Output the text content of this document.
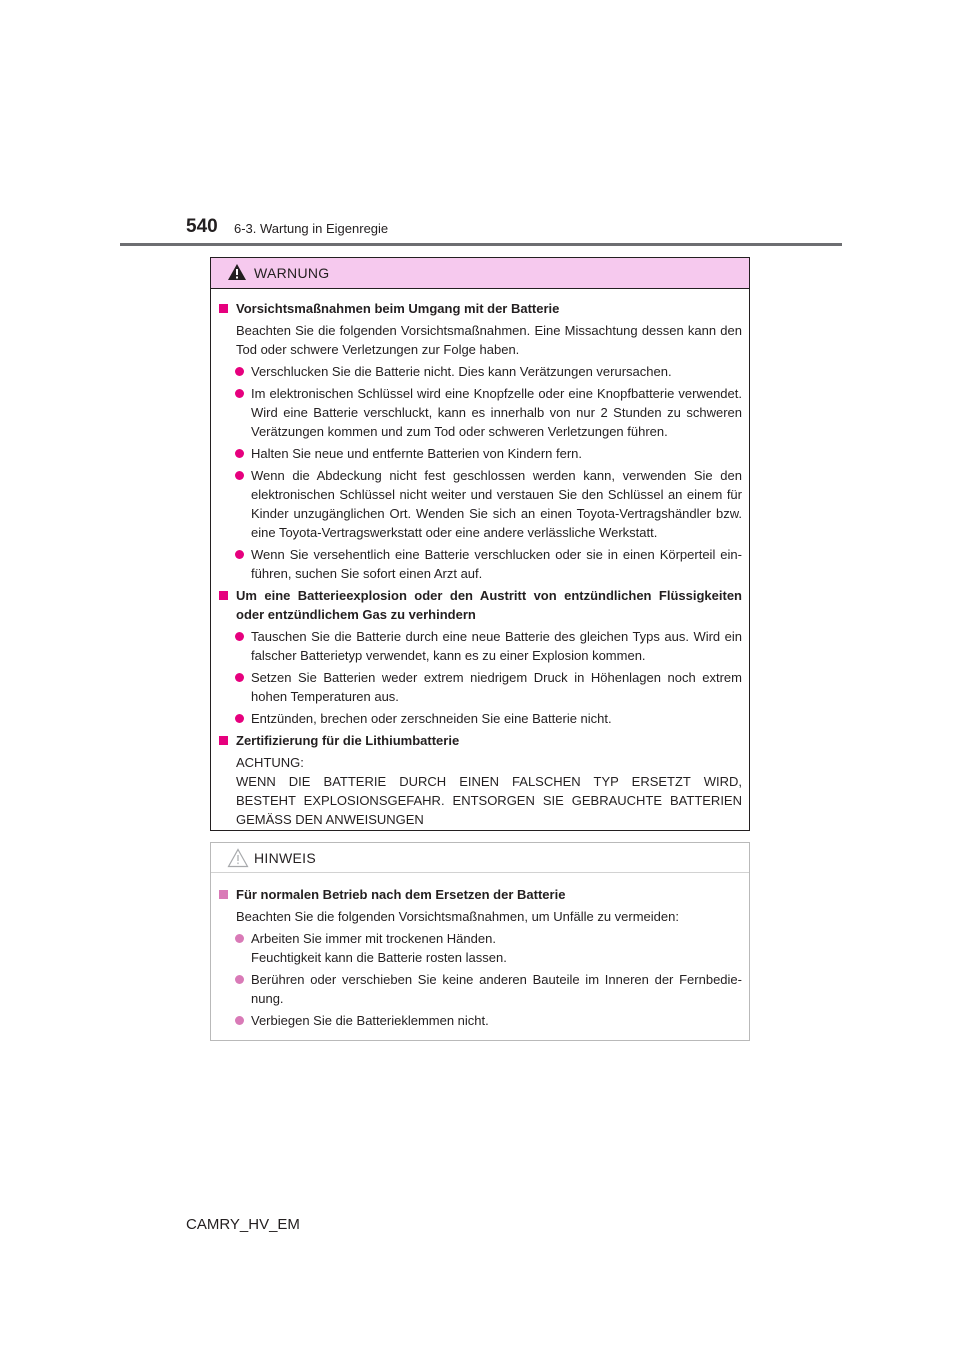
540 6-3. Wartung in Eigenregie
WARNUNG
Vorsichtsmaßnahmen beim Umgang mit der Batterie
Beachten Sie die folgenden Vorsichtsmaßnahmen. Eine Missachtung dessen kann den Tod oder schwere Verletzungen zur Folge haben.
Verschlucken Sie die Batterie nicht. Dies kann Verätzungen verursachen.
Im elektronischen Schlüssel wird eine Knopfzelle oder eine Knopfbatterie verwendet. Wird eine Batterie verschluckt, kann es innerhalb von nur 2 Stunden zu schweren Verätzungen kommen und zum Tod oder schweren Verletzungen führen.
Halten Sie neue und entfernte Batterien von Kindern fern.
Wenn die Abdeckung nicht fest geschlossen werden kann, verwenden Sie den elektronischen Schlüssel nicht weiter und verstauen Sie den Schlüssel an einem für Kinder unzugänglichen Ort. Wenden Sie sich an einen Toyota-Vertragshändler bzw. eine Toyota-Vertragswerkstatt oder eine andere verlässliche Werkstatt.
Wenn Sie versehentlich eine Batterie verschlucken oder sie in einen Körperteil einführen, suchen Sie sofort einen Arzt auf.
Um eine Batterieexplosion oder den Austritt von entzündlichen Flüssigkeiten oder entzündlichem Gas zu verhindern
Tauschen Sie die Batterie durch eine neue Batterie des gleichen Typs aus. Wird ein falscher Batterietyp verwendet, kann es zu einer Explosion kommen.
Setzen Sie Batterien weder extrem niedrigem Druck in Höhenlagen noch extrem hohen Temperaturen aus.
Entzünden, brechen oder zerschneiden Sie eine Batterie nicht.
Zertifizierung für die Lithiumbatterie
ACHTUNG:
WENN DIE BATTERIE DURCH EINEN FALSCHEN TYP ERSETZT WIRD,
BESTEHT EXPLOSIONSGEFAHR. ENTSORGEN SIE GEBRAUCHTE BATTERIEN
GEMÄSS DEN ANWEISUNGEN
HINWEIS
Für normalen Betrieb nach dem Ersetzen der Batterie
Beachten Sie die folgenden Vorsichtsmaßnahmen, um Unfälle zu vermeiden:
Arbeiten Sie immer mit trockenen Händen.
Feuchtigkeit kann die Batterie rosten lassen.
Berühren oder verschieben Sie keine anderen Bauteile im Inneren der Fernbedienung.
Verbiegen Sie die Batterieklemmen nicht.
CAMRY_HV_EM
